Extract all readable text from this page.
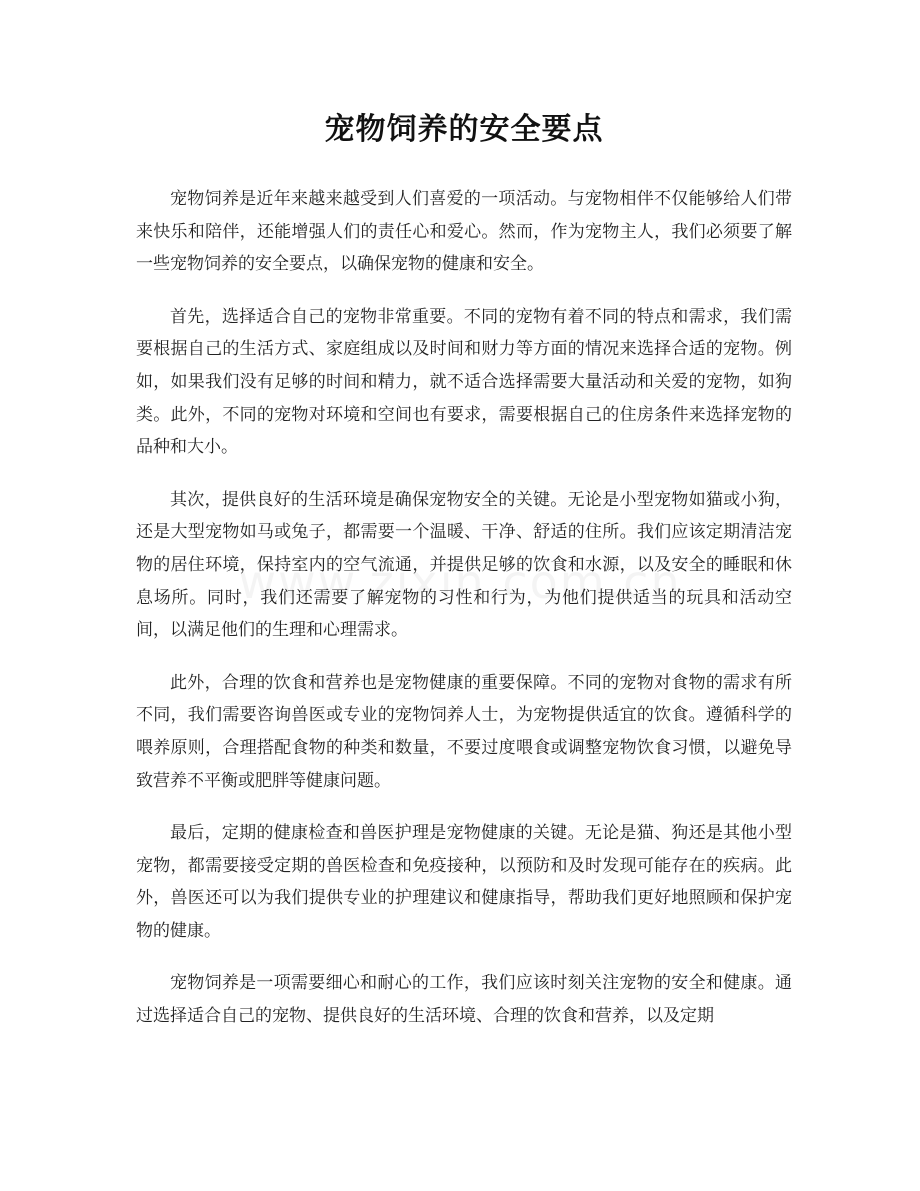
宠物饲养的安全要点

宠物饲养是近年来越来越受到人们喜爱的一项活动。与宠物相伴不仅能够给人们带来快乐和陪伴，还能增强人们的责任心和爱心。然而，作为宠物主人，我们必须要了解一些宠物饲养的安全要点，以确保宠物的健康和安全。

首先，选择适合自己的宠物非常重要。不同的宠物有着不同的特点和需求，我们需要根据自己的生活方式、家庭组成以及时间和财力等方面的情况来选择合适的宠物。例如，如果我们没有足够的时间和精力，就不适合选择需要大量活动和关爱的宠物，如狗类。此外，不同的宠物对环境和空间也有要求，需要根据自己的住房条件来选择宠物的品种和大小。

其次，提供良好的生活环境是确保宠物安全的关键。无论是小型宠物如猫或小狗，还是大型宠物如马或兔子，都需要一个温暖、干净、舒适的住所。我们应该定期清洁宠物的居住环境，保持室内的空气流通，并提供足够的饮食和水源，以及安全的睡眠和休息场所。同时，我们还需要了解宠物的习性和行为，为他们提供适当的玩具和活动空间，以满足他们的生理和心理需求。

此外，合理的饮食和营养也是宠物健康的重要保障。不同的宠物对食物的需求有所不同，我们需要咨询兽医或专业的宠物饲养人士，为宠物提供适宜的饮食。遵循科学的喂养原则，合理搭配食物的种类和数量，不要过度喂食或调整宠物饮食习惯，以避免导致营养不平衡或肥胖等健康问题。

最后，定期的健康检查和兽医护理是宠物健康的关键。无论是猫、狗还是其他小型宠物，都需要接受定期的兽医检查和免疫接种，以预防和及时发现可能存在的疾病。此外，兽医还可以为我们提供专业的护理建议和健康指导，帮助我们更好地照顾和保护宠物的健康。

宠物饲养是一项需要细心和耐心的工作，我们应该时刻关注宠物的安全和健康。通过选择适合自己的宠物、提供良好的生活环境、合理的饮食和营养，以及定期
